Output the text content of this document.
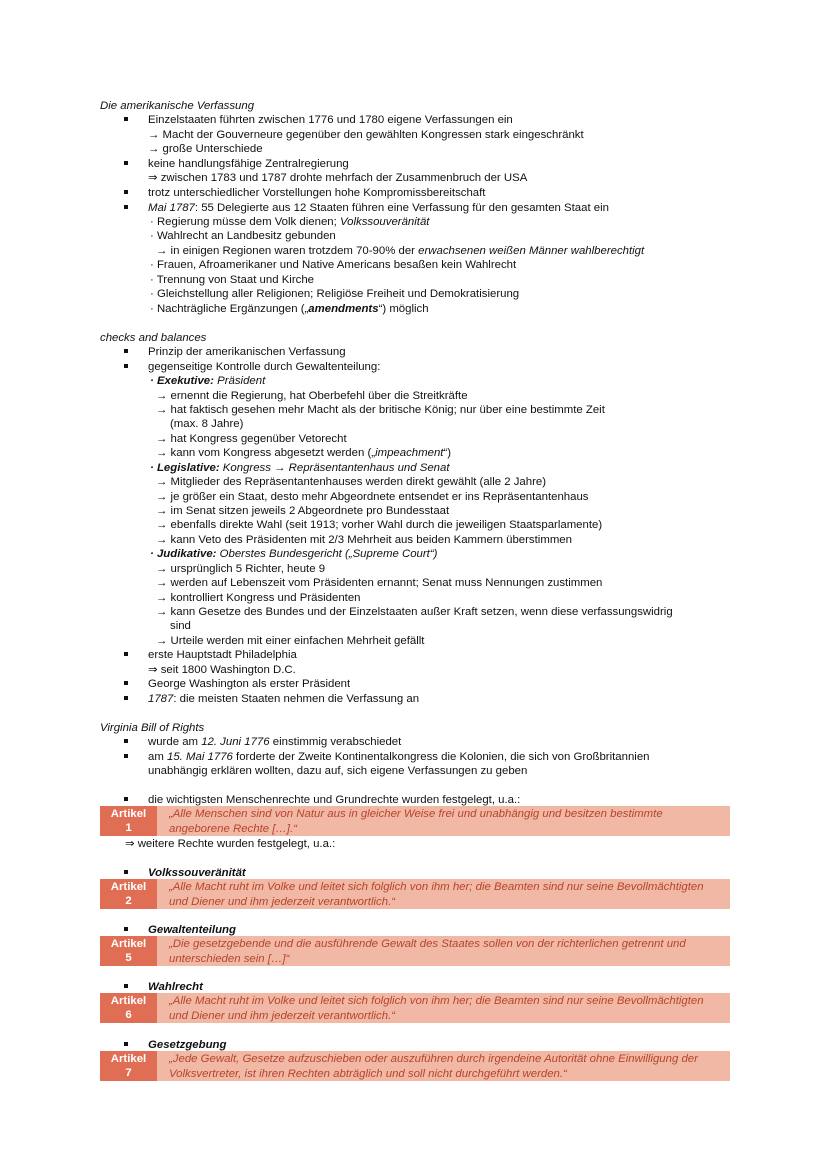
Die amerikanische Verfassung
Einzelstaaten führten zwischen 1776 und 1780 eigene Verfassungen ein
→ Macht der Gouverneure gegenüber den gewählten Kongressen stark eingeschränkt
→ große Unterschiede
keine handlungsfähige Zentralregierung
⇒ zwischen 1783 und 1787 drohte mehrfach der Zusammenbruch der USA
trotz unterschiedlicher Vorstellungen hohe Kompromissbereitschaft
Mai 1787: 55 Delegierte aus 12 Staaten führen eine Verfassung für den gesamten Staat ein
· Regierung müsse dem Volk dienen; Volkssouveränität
· Wahlrecht an Landbesitz gebunden
→ in einigen Regionen waren trotzdem 70-90% der erwachsenen weißen Männer wahlberechtigt
· Frauen, Afroamerikaner und Native Americans besaßen kein Wahlrecht
· Trennung von Staat und Kirche
· Gleichstellung aller Religionen; Religiöse Freiheit und Demokratisierung
· Nachträgliche Ergänzungen („amendments“) möglich
checks and balances
Prinzip der amerikanischen Verfassung
gegenseitige Kontrolle durch Gewaltenteilung:
· Exekutive: Präsident
→ ernennt die Regierung, hat Oberbefehl über die Streitkräfte
→ hat faktisch gesehen mehr Macht als der britische König; nur über eine bestimmte Zeit
(max. 8 Jahre)
→ hat Kongress gegenüber Vetorecht
→ kann vom Kongress abgesetzt werden („impeachment“)
· Legislative: Kongress → Repräsentantenhaus und Senat
→ Mitglieder des Repräsentantenhauses werden direkt gewählt (alle 2 Jahre)
→ je größer ein Staat, desto mehr Abgeordnete entsendet er ins Repräsentantenhaus
→ im Senat sitzen jeweils 2 Abgeordnete pro Bundesstaat
→ ebenfalls direkte Wahl (seit 1913; vorher Wahl durch die jeweiligen Staatsparlamente)
→ kann Veto des Präsidenten mit 2/3 Mehrheit aus beiden Kammern überstimmen
· Judikative: Oberstes Bundesgericht („Supreme Court“)
→ ursprünglich 5 Richter, heute 9
→ werden auf Lebenszeit vom Präsidenten ernannt; Senat muss Nennungen zustimmen
→ kontrolliert Kongress und Präsidenten
→ kann Gesetze des Bundes und der Einzelstaaten außer Kraft setzen, wenn diese verfassungswidrig
sind
→ Urteile werden mit einer einfachen Mehrheit gefällt
erste Hauptstadt Philadelphia
⇒ seit 1800 Washington D.C.
George Washington als erster Präsident
1787: die meisten Staaten nehmen die Verfassung an
Virginia Bill of Rights
wurde am 12. Juni 1776 einstimmig verabschiedet
am 15. Mai 1776 forderte der Zweite Kontinentalkongress die Kolonien, die sich von Großbritannien
unabhängig erklären wollten, dazu auf, sich eigene Verfassungen zu geben
die wichtigsten Menschenrechte und Grundrechte wurden festgelegt, u.a.:
Artikel
1
„Alle Menschen sind von Natur aus in gleicher Weise frei und unabhängig und besitzen bestimmte angeborene Rechte […].“
⇒ weitere Rechte wurden festgelegt, u.a.:
Volkssouveränität
Artikel
2
„Alle Macht ruht im Volke und leitet sich folglich von ihm her; die Beamten sind nur seine Bevollmächtigten und Diener und ihm jederzeit verantwortlich.“
Gewaltenteilung
Artikel
5
„Die gesetzgebende und die ausführende Gewalt des Staates sollen von der richterlichen getrennt und unterschieden sein […]“
Wahlrecht
Artikel
6
„Alle Macht ruht im Volke und leitet sich folglich von ihm her; die Beamten sind nur seine Bevollmächtigten und Diener und ihm jederzeit verantwortlich.“
Gesetzgebung
Artikel
7
„Jede Gewalt, Gesetze aufzuschieben oder auszuführen durch irgendeine Autorität ohne Einwilligung der Volksvertreter, ist ihren Rechten abträglich und soll nicht durchgeführt werden.“
